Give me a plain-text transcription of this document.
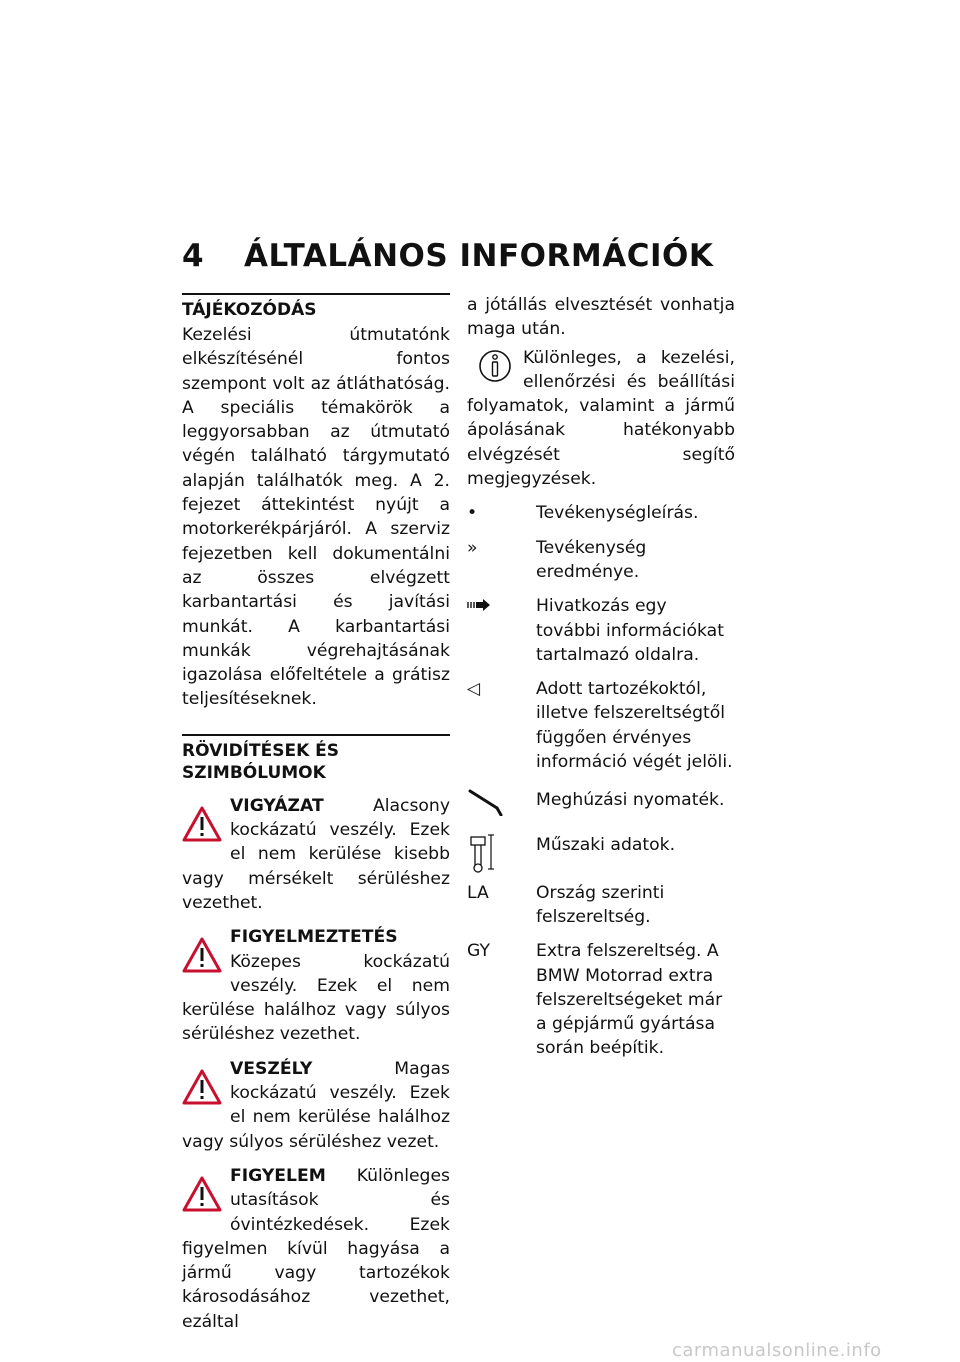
4 ÁLTALÁNOS INFORMÁCIÓK
TÁJÉKOZÓDÁS

Kezelési útmutatónk elkészítésénél fontos szempont volt az átláthatóság. A speciális témakörök a leggyorsabban az útmutató végén található tárgymutató alapján találhatók meg. A 2. fejezet áttekintést nyújt a motorkerékpárjáról. A szerviz fejezetben kell dokumentálni az összes elvégzett karbantartási és javítási munkát. A karbantartási munkák végrehajtásának igazolása előfeltétele a grátisz teljesítéseknek.

RÖVIDÍTÉSEK ÉS SZIMBÓLUMOK

VIGYÁZAT	Alacsony kockázatú veszély. Ezek el nem kerülése kisebb vagy mérsékelt sérüléshez vezethet.

FIGYELMEZTETÉS Közepes kockázatú veszély. Ezek el nem kerülése halálhoz vagy súlyos sérüléshez vezethet.

VESZÉLY	Magas kockázatú veszély. Ezek el nem kerülése halálhoz vagy súlyos sérüléshez vezet.

FIGYELEM Különleges utasítások és óvintézkedések. Ezek figyelmen kívül hagyása a jármű vagy tartozékok károsodásához vezethet, ezáltal

a jótállás elvesztését vonhatja maga után.

Különleges, a kezelési, ellenőrzési és beállítási folyamatok, valamint a jármű ápolásának hatékonyabb elvégzését segítő megjegyzések.

•	Tevékenységleírás.
»	Tevékenység eredménye.
Hivatkozás egy további információkat tartalmazó oldalra.
◁	Adott tartozékoktól, illetve felszereltségtől függően érvényes információ végét jelöli.
Meghúzási nyomaték.
Műszaki adatok.
LA	Ország szerinti felszereltség.
GY	Extra felszereltség. A BMW Motorrad extra felszereltségeket már a gépjármű gyártása során beépítik.
carmanualsonline.info
